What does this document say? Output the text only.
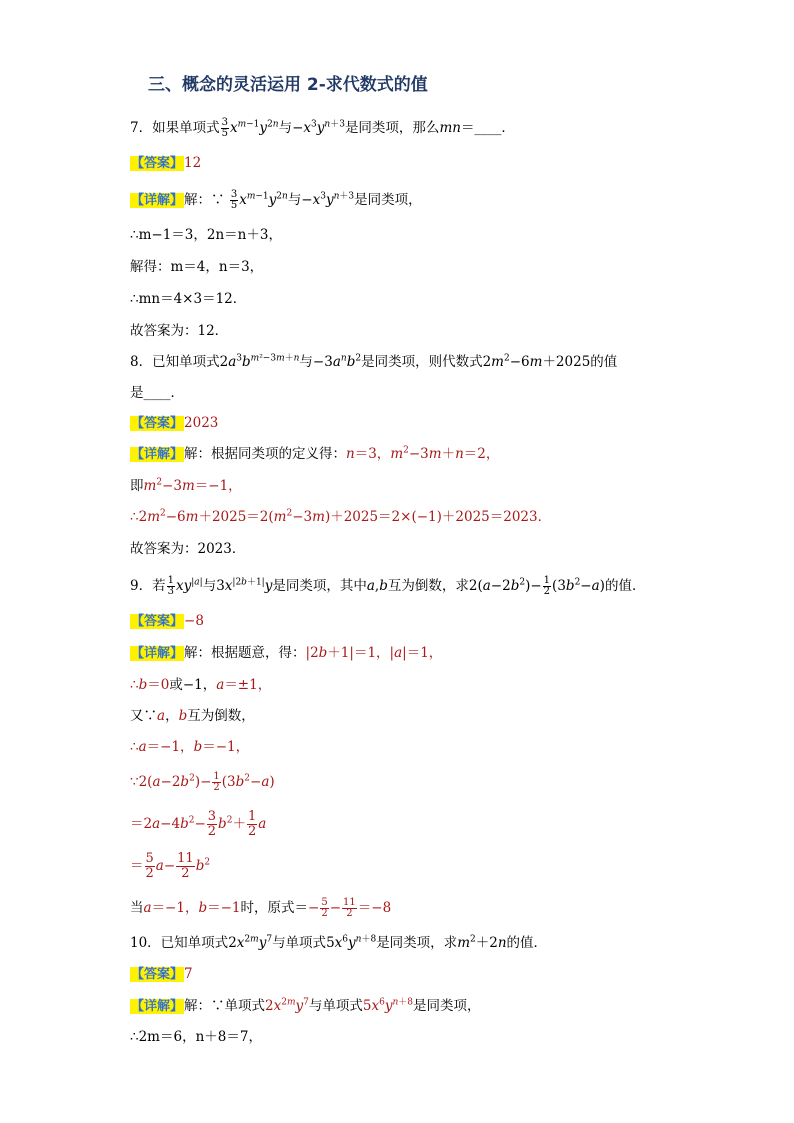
三、概念的灵活运用 2-求代数式的值
7．如果单项式 $\frac{3}{5} x^{m-1}y^{2n}$与$-x^3y^{n+3}$是同类项，那么mn＝____．
【答案】12
【详解】解：∵ $\frac{3}{5} x^{m-1}y^{2n}$与$-x^3y^{n+3}$是同类项，
∴m−1＝3，2n＝n＋3，
解得：m＝4，n＝3，
∴mn＝4×3＝12．
故答案为：12．
8．已知单项式$2a^3b^{m^2-3m+n}$与$-3a^nb^2$是同类项，则代数式$2m^2-6m+2025$的值
是____．
【答案】2023
【详解】解：根据同类项的定义得：n＝3，$m^2-3m+n=2$，
即$m^2-3m=-1$，
$\therefore 2m^2-6m+2025=2(m^2-3m)+2025=2\times(-1)+2025=2023$．
故答案为：2023．
9．若 $\frac{1}{3} xy^{|a|}$与$3x^{|2b+1|}y$是同类项，其中a,b互为倒数，求$2(a-2b^2)- \frac{1}{2} (3b^2-a)$的值．
【答案】−8
【详解】解：根据题意，得：|2b＋1|＝1，|a|＝1，
∴b＝0或−1，a＝±1，
又∵a，b互为倒数，
∴a＝−1，b＝−1，
$\because 2(a-2b^2)- \frac{1}{2} (3b^2-a)$
$=2a-4b^2- \frac{3}{2} b^2+ \frac{1}{2}$ a
＝ $\frac{5}{2} a- \frac{11}{2} b^2$
当a＝−1，b＝−1时，原式＝− $\frac{5}{2} - \frac{11}{2} =-8$
10．已知单项式$2x^{2m}y^7$与单项式$5x^6y^{n+8}$是同类项，求$m^2+2n$的值．
【答案】7
【详解】解：∵单项式$2x^{2m}y^7$与单项式$5x^6y^{n+8}$是同类项，
∴2m＝6，n＋8＝7，
